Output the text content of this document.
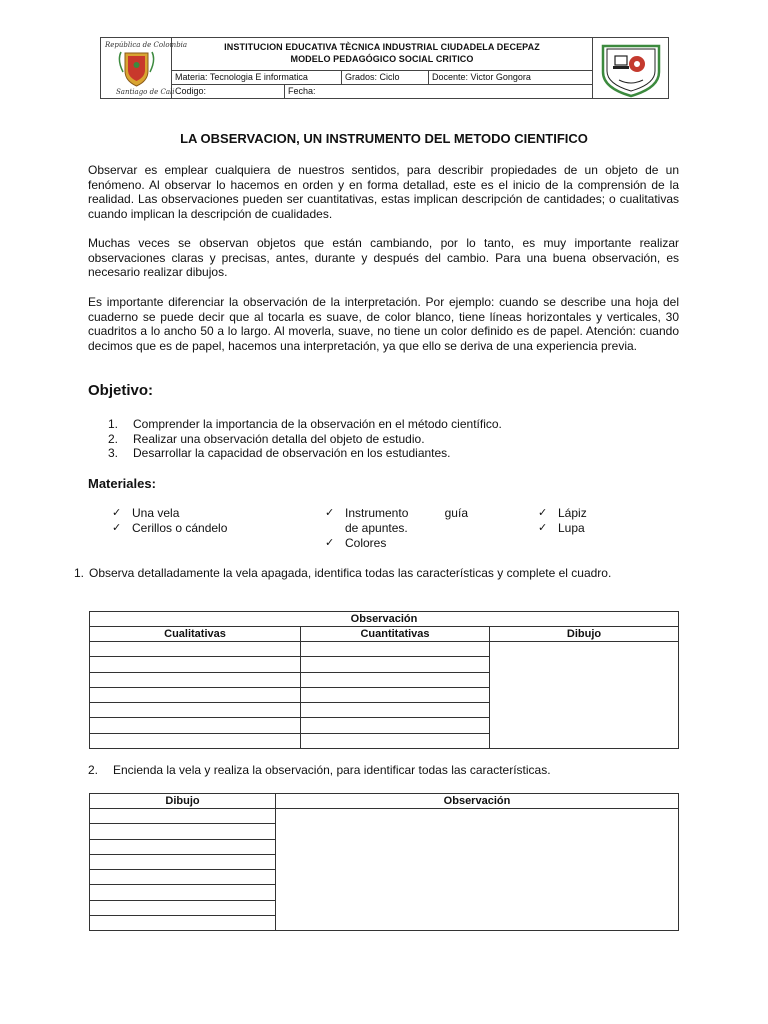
República de Colombia
Santiago de Cali
INSTITUCION EDUCATIVA TÈCNICA INDUSTRIAL CIUDADELA DECEPAZ
MODELO PEDAGÓGICO SOCIAL CRITICO
Materia: Tecnologia E informatica	Grados: Ciclo	Docente: Victor Gongora
Codigo:	Fecha:
LA OBSERVACION, UN INSTRUMENTO DEL METODO CIENTIFICO
Observar es emplear cualquiera de nuestros sentidos, para describir propiedades de un objeto de un fenómeno. Al observar lo hacemos en orden y en forma detallad, este es el inicio de la comprensión de la realidad. Las observaciones pueden ser cuantitativas, estas implican descripción de cantidades; o cualitativas cuando implican la descripción de cualidades.
Muchas veces se observan objetos que están cambiando, por lo tanto, es muy importante realizar observaciones claras y precisas, antes, durante y después del cambio. Para una buena observación, es necesario realizar dibujos.
Es importante diferenciar la observación de la interpretación. Por ejemplo: cuando se describe una hoja del cuaderno se puede decir que al tocarla es suave, de color blanco, tiene líneas horizontales y verticales, 30 cuadritos a lo ancho 50 a lo largo. Al moverla, suave, no tiene un color definido es de papel. Atención: cuando decimos que es de papel, hacemos una interpretación, ya que ello se deriva de una experiencia previa.
Objetivo:
1.	Comprender la importancia de la observación en el método científico.
2.	Realizar una observación detalla del objeto de estudio.
3.	Desarrollar la capacidad de observación en los estudiantes.
Materiales:
✓ Una vela
✓ Cerillos o cándelo
✓ Instrumento guía
de apuntes.
✓ Colores
✓ Lápiz
✓ Lupa
1. Observa detalladamente la vela apagada, identifica todas las características y complete el cuadro.
Observación		
Cualitativas	Cuantitativas	Dibujo

2.	Encienda la vela y realiza la observación, para identificar todas las características.
Dibujo	Observación
